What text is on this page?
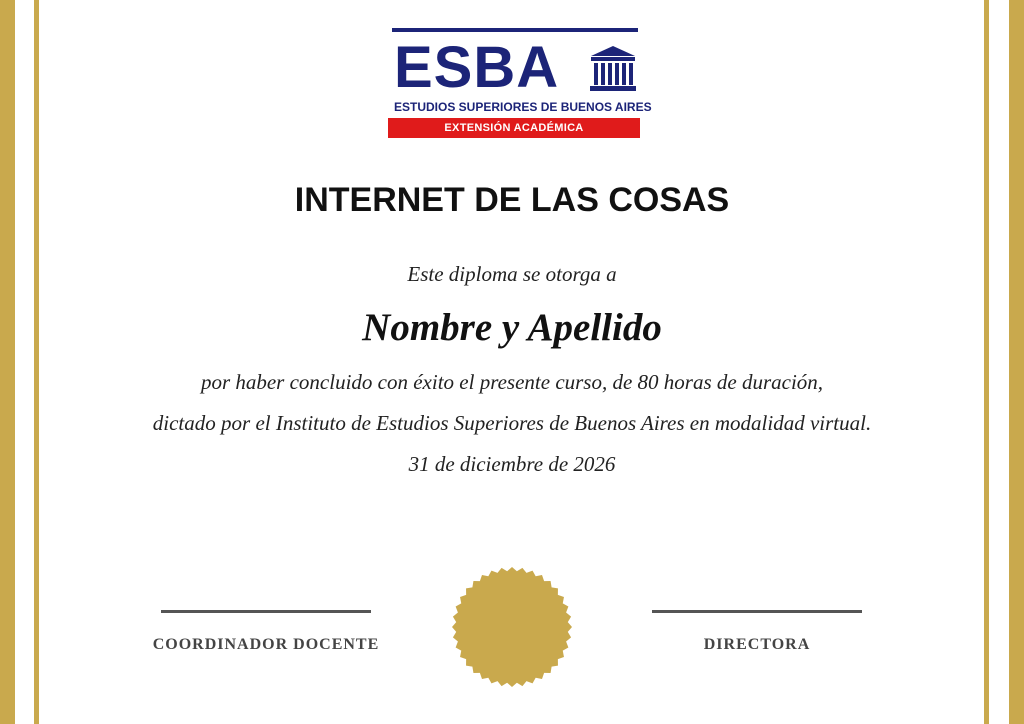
ESBA
ESTUDIOS SUPERIORES DE BUENOS AIRES
EXTENSIÓN ACADÉMICA
INTERNET DE LAS COSAS
Este diploma se otorga a
Nombre y Apellido
por haber concluido con éxito el presente curso, de 80 horas de duración,
dictado por el Instituto de Estudios Superiores de Buenos Aires en modalidad virtual.
31 de diciembre de 2026
COORDINADOR DOCENTE	DIRECTORA
